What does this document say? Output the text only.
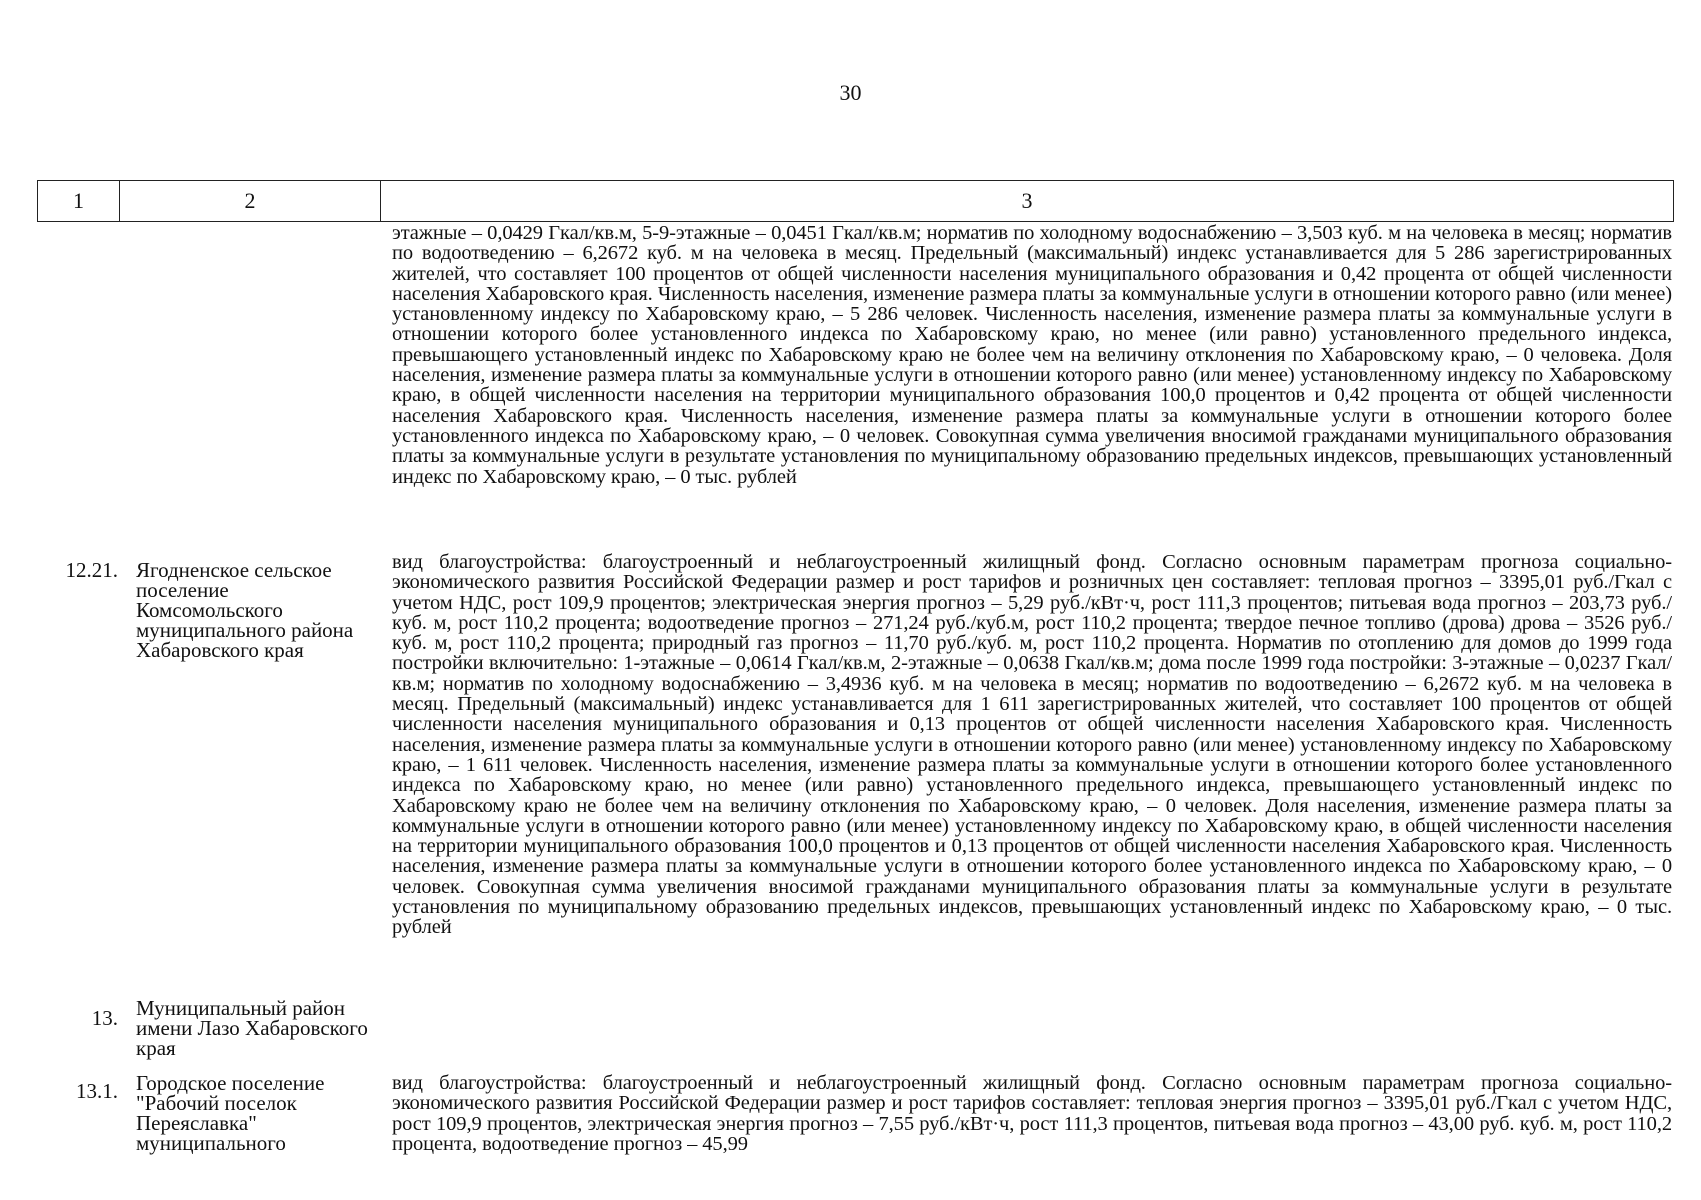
30
1	2	3
этажные – 0,0429 Гкал/кв.м, 5-9-этажные – 0,0451 Гкал/кв.м; норматив по холодному водоснабжению – 3,503 куб. м на человека в месяц; норматив по водоотведению – 6,2672 куб. м на человека в месяц. Предельный (максимальный) индекс устанавливается для 5 286 зарегистрированных жителей, что составляет 100 процентов от общей численности населения муниципального образования и 0,42 процента от общей численности населения Хабаровского края. Численность населения, изменение размера платы за коммунальные услуги в отношении которого равно (или менее) установленному индексу по Хабаровскому краю, – 5 286 человек. Численность населения, изменение размера платы за коммунальные услуги в отношении которого более установленного индекса по Хабаровскому краю, но менее (или равно) установленного предельного индекса, превышающего установленный индекс по Хабаровскому краю не более чем на величину отклонения по Хабаровскому краю, – 0 человека. Доля населения, изменение размера платы за коммунальные услуги в отношении которого равно (или менее) установленному индексу по Хабаровскому краю, в общей численности населения на территории муниципального образования 100,0 процентов и 0,42 процента от общей численности населения Хабаровского края. Численность населения, изменение размера платы за коммунальные услуги в отношении которого более установленного индекса по Хабаровскому краю, – 0 человек. Совокупная сумма увеличения вносимой гражданами муниципального образования платы за коммунальные услуги в результате установления по муниципальному образованию предельных индексов, превышающих установленный индекс по Хабаровскому краю, – 0 тыс. рублей
12.21. Ягодненское сельское поселение Комсомольского муниципального района Хабаровского края
вид благоустройства: благоустроенный и неблагоустроенный жилищный фонд. Согласно основным параметрам прогноза социально-экономического развития Российской Федерации размер и рост тарифов и розничных цен составляет: тепловая прогноз – 3395,01 руб./Гкал с учетом НДС, рост 109,9 процентов; электрическая энергия прогноз – 5,29 руб./кВт·ч, рост 111,3 процентов; питьевая вода прогноз – 203,73 руб./куб. м, рост 110,2 процента; водоотведение прогноз – 271,24 руб./куб.м, рост 110,2 процента; твердое печное топливо (дрова) дрова – 3526 руб./куб. м, рост 110,2 процента; природный газ прогноз – 11,70 руб./куб. м, рост 110,2 процента. Норматив по отоплению для домов до 1999 года постройки включительно: 1-этажные – 0,0614 Гкал/кв.м, 2-этажные – 0,0638 Гкал/кв.м; дома после 1999 года постройки: 3-этажные – 0,0237 Гкал/кв.м; норматив по холодному водоснабжению – 3,4936 куб. м на человека в месяц; норматив по водоотведению – 6,2672 куб. м на человека в месяц. Предельный (максимальный) индекс устанавливается для 1 611 зарегистрированных жителей, что составляет 100 процентов от общей численности населения муниципального образования и 0,13 процентов от общей численности населения Хабаровского края. Численность населения, изменение размера платы за коммунальные услуги в отношении которого равно (или менее) установленному индексу по Хабаровскому краю, – 1 611 человек. Численность населения, изменение размера платы за коммунальные услуги в отношении которого более установленного индекса по Хабаровскому краю, но менее (или равно) установленного предельного индекса, превышающего установленный индекс по Хабаровскому краю не более чем на величину отклонения по Хабаровскому краю, – 0 человек. Доля населения, изменение размера платы за коммунальные услуги в отношении которого равно (или менее) установленному индексу по Хабаровскому краю, в общей численности населения на территории муниципального образования 100,0 процентов и 0,13 процентов от общей численности населения Хабаровского края. Численность населения, изменение размера платы за коммунальные услуги в отношении которого более установленного индекса по Хабаровскому краю, – 0 человек. Совокупная сумма увеличения вносимой гражданами муниципального образования платы за коммунальные услуги в результате установления по муниципальному образованию предельных индексов, превышающих установленный индекс по Хабаровскому краю, – 0 тыс. рублей
13. Муниципальный район имени Лазо Хабаровского края
13.1. Городское поселение "Рабочий поселок Переяславка" муниципального
вид благоустройства: благоустроенный и неблагоустроенный жилищный фонд. Согласно основным параметрам прогноза социально-экономического развития Российской Федерации размер и рост тарифов составляет: тепловая энергия прогноз – 3395,01 руб./Гкал с учетом НДС, рост 109,9 процентов, электрическая энергия прогноз – 7,55 руб./кВт·ч, рост 111,3 процентов, питьевая вода прогноз – 43,00 руб. куб. м, рост 110,2 процента, водоотведение прогноз – 45,99
